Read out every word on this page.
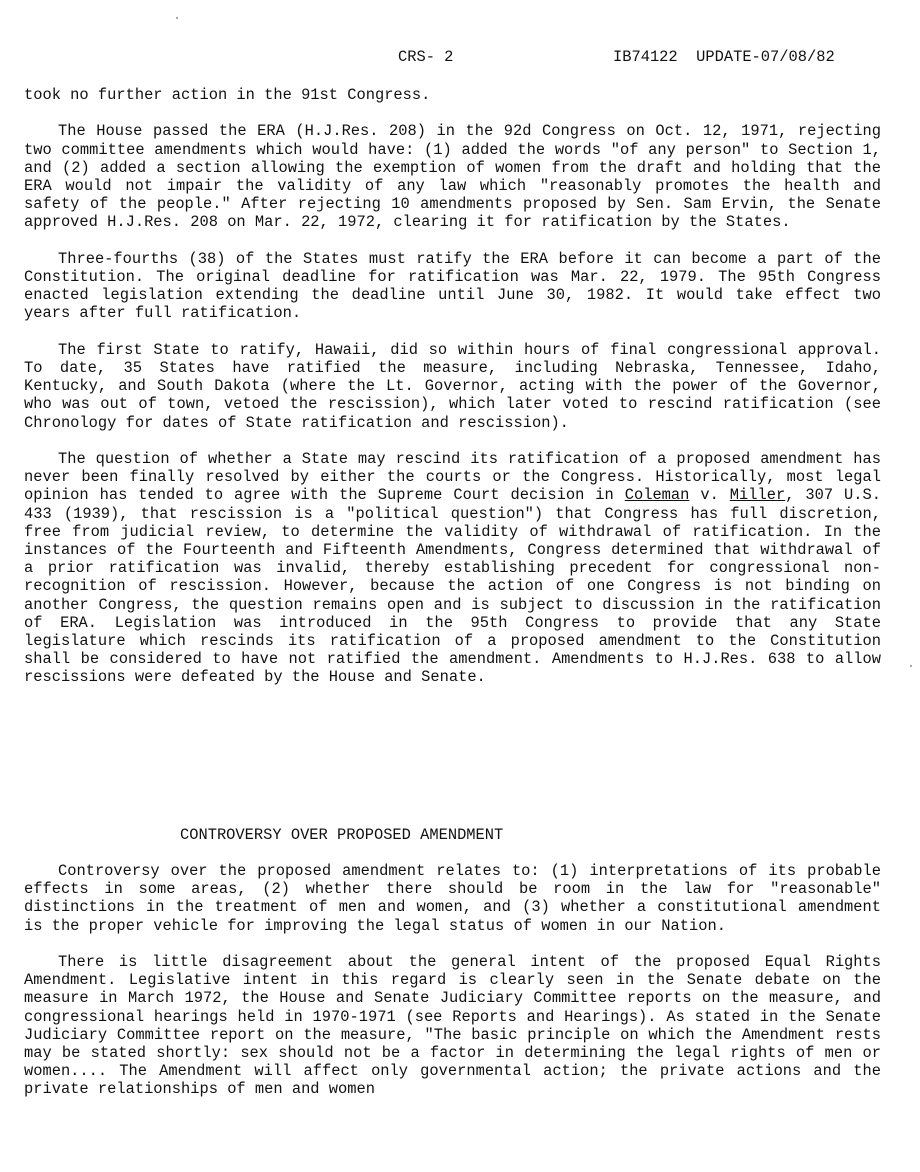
CRS- 2	IB74122 UPDATE-07/08/82

took no further action in the 91st Congress.

The House passed the ERA (H.J.Res. 208) in the 92d Congress on Oct. 12, 1971, rejecting two committee amendments which would have: (1) added the words "of any person" to Section 1, and (2) added a section allowing the exemption of women from the draft and holding that the ERA would not impair the validity of any law which "reasonably promotes the health and safety of the people." After rejecting 10 amendments proposed by Sen. Sam Ervin, the Senate approved H.J.Res. 208 on Mar. 22, 1972, clearing it for ratification by the States.

Three-fourths (38) of the States must ratify the ERA before it can become a part of the Constitution. The original deadline for ratification was Mar. 22, 1979. The 95th Congress enacted legislation extending the deadline until June 30, 1982. It would take effect two years after full ratification.

The first State to ratify, Hawaii, did so within hours of final congressional approval. To date, 35 States have ratified the measure, including Nebraska, Tennessee, Idaho, Kentucky, and South Dakota (where the Lt. Governor, acting with the power of the Governor, who was out of town, vetoed the rescission), which later voted to rescind ratification (see Chronology for dates of State ratification and rescission).

The question of whether a State may rescind its ratification of a proposed amendment has never been finally resolved by either the courts or the Congress. Historically, most legal opinion has tended to agree with the Supreme Court decision in Coleman v. Miller, 307 U.S. 433 (1939), that rescission is a "political question") that Congress has full discretion, free from judicial review, to determine the validity of withdrawal of ratification. In the instances of the Fourteenth and Fifteenth Amendments, Congress determined that withdrawal of a prior ratification was invalid, thereby establishing precedent for congressional non-recognition of rescission. However, because the action of one Congress is not binding on another Congress, the question remains open and is subject to discussion in the ratification of ERA. Legislation was introduced in the 95th Congress to provide that any State legislature which rescinds its ratification of a proposed amendment to the Constitution shall be considered to have not ratified the amendment. Amendments to H.J.Res. 638 to allow rescissions were defeated by the House and Senate.

CONTROVERSY OVER PROPOSED AMENDMENT

Controversy over the proposed amendment relates to: (1) interpretations of its probable effects in some areas, (2) whether there should be room in the law for "reasonable" distinctions in the treatment of men and women, and (3) whether a constitutional amendment is the proper vehicle for improving the legal status of women in our Nation.

There is little disagreement about the general intent of the proposed Equal Rights Amendment. Legislative intent in this regard is clearly seen in the Senate debate on the measure in March 1972, the House and Senate Judiciary Committee reports on the measure, and congressional hearings held in 1970-1971 (see Reports and Hearings). As stated in the Senate Judiciary Committee report on the measure, "The basic principle on which the Amendment rests may be stated shortly: sex should not be a factor in determining the legal rights of men or women.... The Amendment will affect only governmental action; the private actions and the private relationships of men and women
